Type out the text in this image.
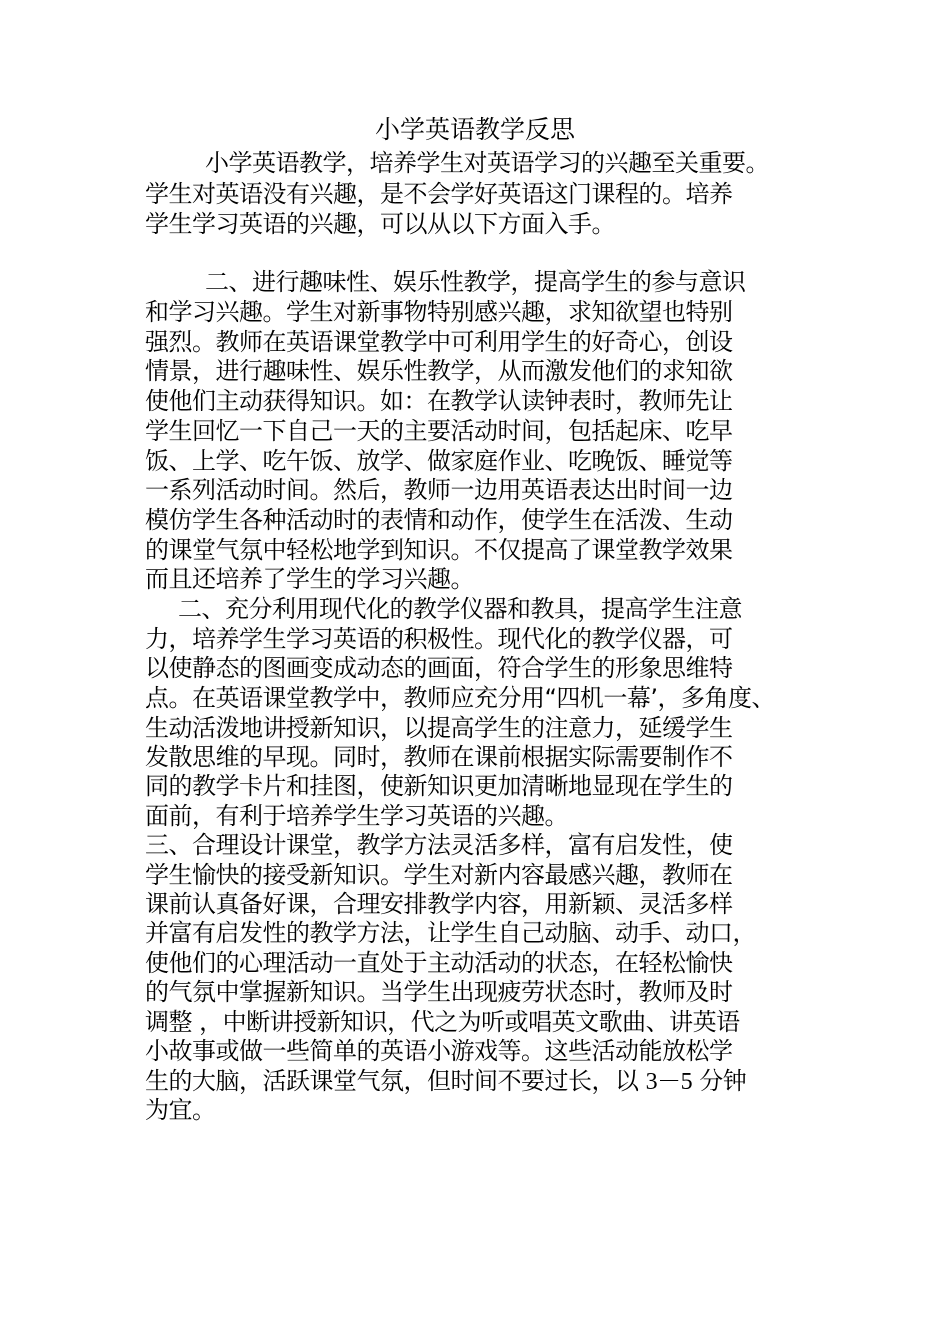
小学英语教学反思
小学英语教学，培养学生对英语学习的兴趣至关重要。
学生对英语没有兴趣，是不会学好英语这门课程的。培养
学生学习英语的兴趣，可以从以下方面入手。
二、进行趣味性、娱乐性教学，提高学生的参与意识
和学习兴趣。学生对新事物特别感兴趣，求知欲望也特别
强烈。教师在英语课堂教学中可利用学生的好奇心，创设
情景，进行趣味性、娱乐性教学，从而激发他们的求知欲
使他们主动获得知识。如：在教学认读钟表时，教师先让
学生回忆一下自己一天的主要活动时间，包括起床、吃早
饭、上学、吃午饭、放学、做家庭作业、吃晚饭、睡觉等
一系列活动时间。然后，教师一边用英语表达出时间一边
模仿学生各种活动时的表情和动作，使学生在活泼、生动
的课堂气氛中轻松地学到知识。不仅提高了课堂教学效果
而且还培养了学生的学习兴趣。
二、充分利用现代化的教学仪器和教具，提高学生注意
力，培养学生学习英语的积极性。现代化的教学仪器，可
以使静态的图画变成动态的画面，符合学生的形象思维特
点。在英语课堂教学中，教师应充分用“四机一幕’，多角度、
生动活泼地讲授新知识，以提高学生的注意力，延缓学生
发散思维的早现。同时，教师在课前根据实际需要制作不
同的教学卡片和挂图，使新知识更加清晰地显现在学生的
面前，有利于培养学生学习英语的兴趣。
三、合理设计课堂，教学方法灵活多样，富有启发性，使
学生愉快的接受新知识。学生对新内容最感兴趣，教师在
课前认真备好课，合理安排教学内容，用新颖、灵活多样
并富有启发性的教学方法，让学生自己动脑、动手、动口，
使他们的心理活动一直处于主动活动的状态，在轻松愉快
的气氛中掌握新知识。当学生出现疲劳状态时，教师及时
调整 ，中断讲授新知识，代之为听或唱英文歌曲、讲英语
小故事或做一些简单的英语小游戏等。这些活动能放松学
生的大脑，活跃课堂气氛，但时间不要过长，以 3－5 分钟
为宜。
